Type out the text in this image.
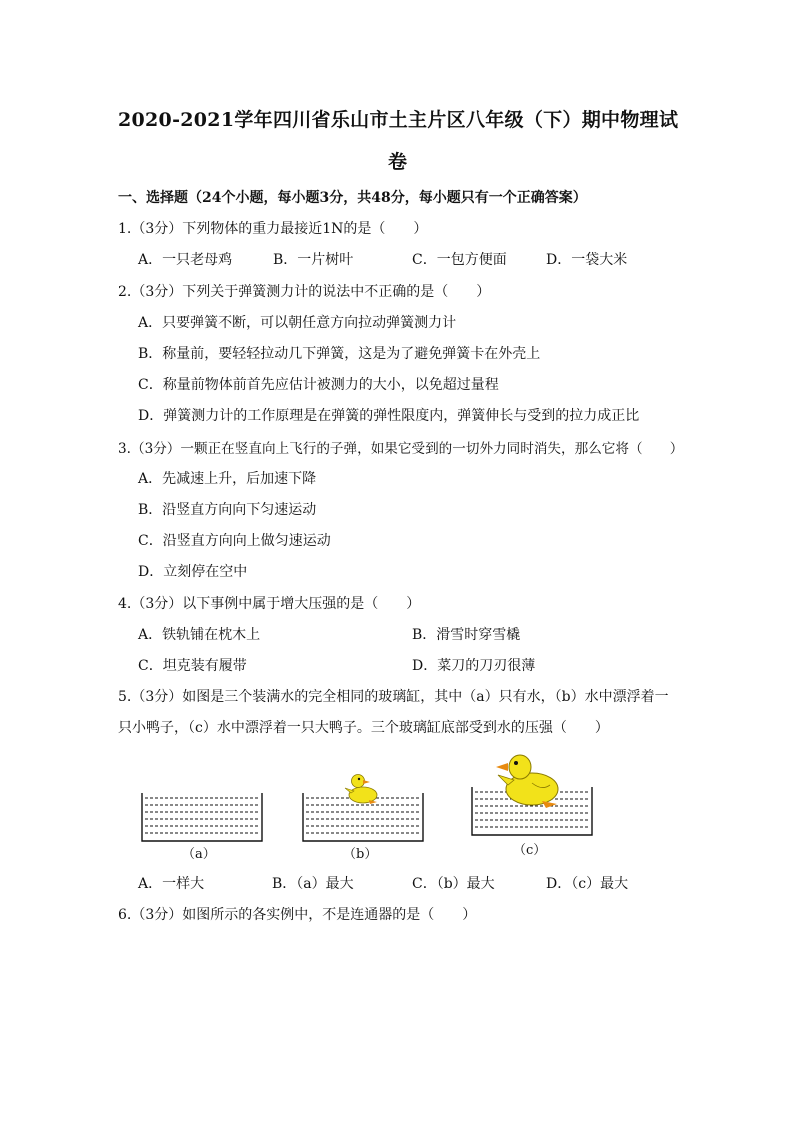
2020-2021学年四川省乐山市土主片区八年级（下）期中物理试
卷
一、选择题（24个小题，每小题3分，共48分，每小题只有一个正确答案）
1.（3分）下列物体的重力最接近1N的是（　　）
A．一只老母鸡	B．一片树叶	C．一包方便面	D．一袋大米
2.（3分）下列关于弹簧测力计的说法中不正确的是（　　）
A．只要弹簧不断，可以朝任意方向拉动弹簧测力计
B．称量前，要轻轻拉动几下弹簧，这是为了避免弹簧卡在外壳上
C．称量前物体前首先应估计被测力的大小，以免超过量程
D．弹簧测力计的工作原理是在弹簧的弹性限度内，弹簧伸长与受到的拉力成正比
3.（3分）一颗正在竖直向上飞行的子弹，如果它受到的一切外力同时消失，那么它将（　　）
A．先减速上升，后加速下降
B．沿竖直方向向下匀速运动
C．沿竖直方向向上做匀速运动
D．立刻停在空中
4.（3分）以下事例中属于增大压强的是（　　）
A．铁轨铺在枕木上	B．滑雪时穿雪橇
C．坦克装有履带	D．菜刀的刀刃很薄
5.（3分）如图是三个装满水的完全相同的玻璃缸，其中（a）只有水，（b）水中漂浮着一
只小鸭子，（c）水中漂浮着一只大鸭子。三个玻璃缸底部受到水的压强（　　）
（a）	（b）	（c）
A．一样大	B．（a）最大	C．（b）最大	D．（c）最大
6.（3分）如图所示的各实例中，不是连通器的是（　　）
